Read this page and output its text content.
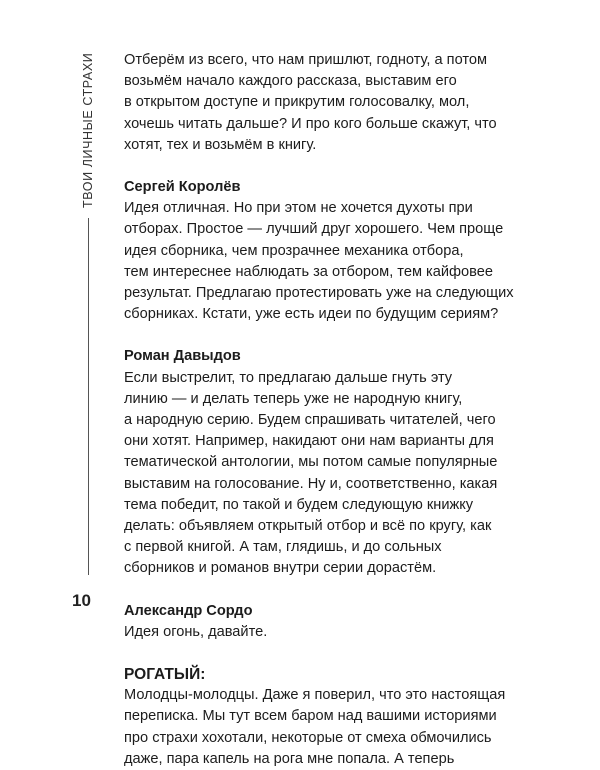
ТВОИ ЛИЧНЫЕ СТРАХИ
10

Отберём из всего, что нам пришлют, годноту, а потом

возьмём начало каждого рассказа, выставим его

в открытом доступе и прикрутим голосовалку, мол,

хочешь читать дальше? И про кого больше скажут, что

хотят, тех и возьмём в книгу.

Сергей Королёв

Идея отличная. Но при этом не хочется духоты при

отборах. Простое — лучший друг хорошего. Чем проще

идея сборника, чем прозрачнее механика отбора,

тем интереснее наблюдать за отбором, тем кайфовее

результат. Предлагаю протестировать уже на следующих

сборниках. Кстати, уже есть идеи по будущим сериям?

Роман Давыдов

Если выстрелит, то предлагаю дальше гнуть эту

линию — и делать теперь уже не народную книгу,

а народную серию. Будем спрашивать читателей, чего

они хотят. Например, накидают они нам варианты для

тематической антологии, мы потом самые популярные

выставим на голосование. Ну и, соответственно, какая

тема победит, по такой и будем следующую книжку

делать: объявляем открытый отбор и всё по кругу, как

с первой книгой. А там, глядишь, и до сольных

сборников и романов внутри серии дорастём.

Александр Сордо

Идея огонь, давайте.

РОГАТЫЙ:

Молодцы-молодцы. Даже я поверил, что это настоящая

переписка. Мы тут всем баром над вашими историями

про страхи хохотали, некоторые от смеха обмочились

даже, пара капель на рога мне попала. А теперь
